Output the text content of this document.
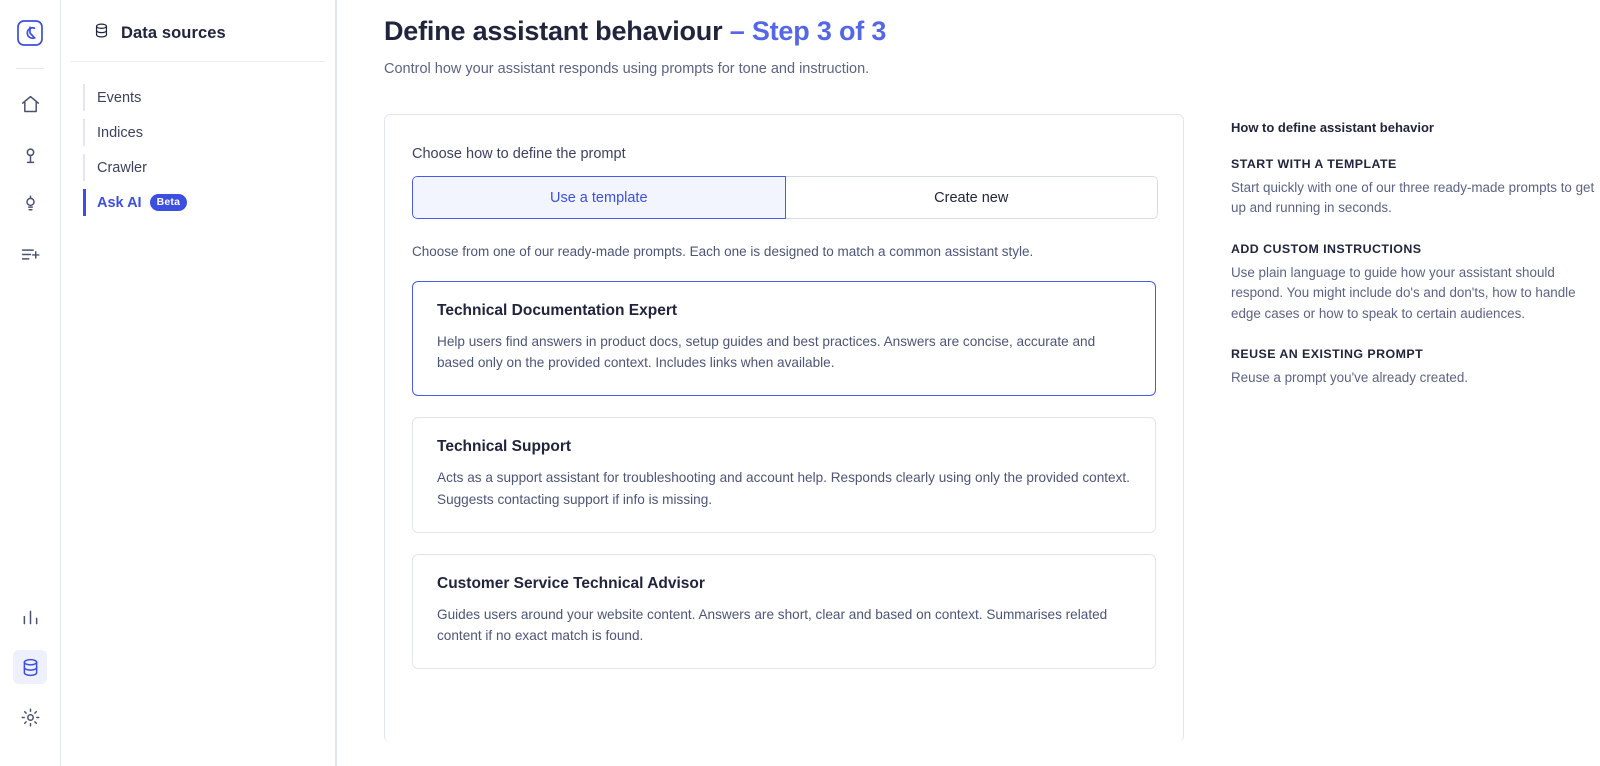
Data sources
Events
Indices
Crawler
Ask AI	Beta
Define assistant behaviour – Step 3 of 3
Control how your assistant responds using prompts for tone and instruction.
Choose how to define the prompt
Use a template	Create new
Choose from one of our ready-made prompts. Each one is designed to match a common assistant style.
Technical Documentation Expert
Help users find answers in product docs, setup guides and best practices. Answers are concise, accurate and based only on the provided context. Includes links when available.
Technical Support
Acts as a support assistant for troubleshooting and account help. Responds clearly using only the provided context. Suggests contacting support if info is missing.
Customer Service Technical Advisor
Guides users around your website content. Answers are short, clear and based on context. Summarises related content if no exact match is found.
How to define assistant behavior
START WITH A TEMPLATE
Start quickly with one of our three ready-made prompts to get up and running in seconds.
ADD CUSTOM INSTRUCTIONS
Use plain language to guide how your assistant should respond. You might include do's and don'ts, how to handle edge cases or how to speak to certain audiences.
REUSE AN EXISTING PROMPT
Reuse a prompt you've already created.
